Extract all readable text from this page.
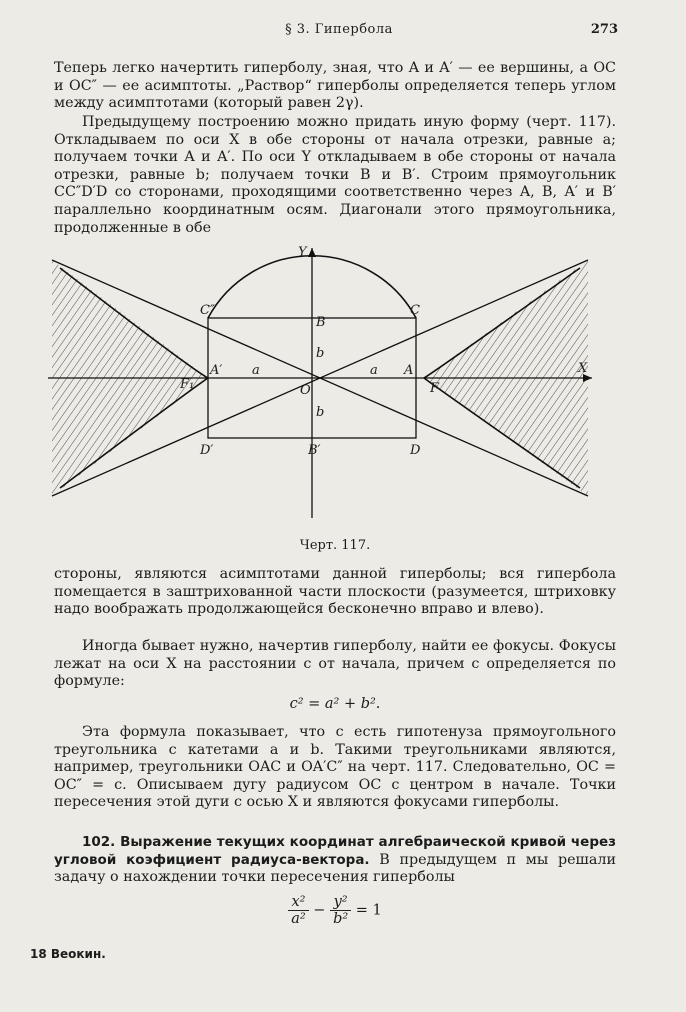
§ 3. Гипербола	273

Теперь легко начертить гиперболу, зная, что A и A′ — ее вершины, а OC и OC″ — ее асимптоты. „Раствор“ гиперболы определяется теперь углом между асимптотами (который равен 2γ).

Предыдущему построению можно придать иную форму (черт. 117). Откладываем по оси X в обе стороны от начала отрезки, равные a; получаем точки A и A′. По оси Y откладываем в обе стороны от начала отрезки, равные b; получаем точки B и B′. Строим прямоугольник CC″D′D со сторонами, проходящими соответственно через A, B, A′ и B′ параллельно координатным осям. Диагонали этого прямоугольника, продолженные в обе

X
Y
C″	C
B
b
A′ a	a A
O
b
F₁	F
D′	B′	D
Черт. 117.

стороны, являются асимптотами данной гиперболы; вся гипербола помещается в заштрихованной части плоскости (разумеется, штриховку надо воображать продолжающейся бесконечно вправо и влево).

Иногда бывает нужно, начертив гиперболу, найти ее фокусы. Фокусы лежат на оси X на расстоянии c от начала, причем c определяется по формуле:

c² = a² + b².

Эта формула показывает, что c есть гипотенуза прямоугольного треугольника с катетами a и b. Такими треугольниками являются, например, треугольники OAC и OA′C″ на черт. 117. Следовательно, OC = OC″ = c. Описываем дугу радиусом OC с центром в начале. Точки пересечения этой дуги с осью X и являются фокусами гиперболы.

102. Выражение текущих координат алгебраической кривой через угловой коэфициент радиуса-вектора. В предыдущем п мы решали задачу о нахождении точки пересечения гиперболы

$\frac{\text{x²}}{\text{a²}} - \frac{\text{y²}}{\text{b²}} = 1$
18 Веокин.
